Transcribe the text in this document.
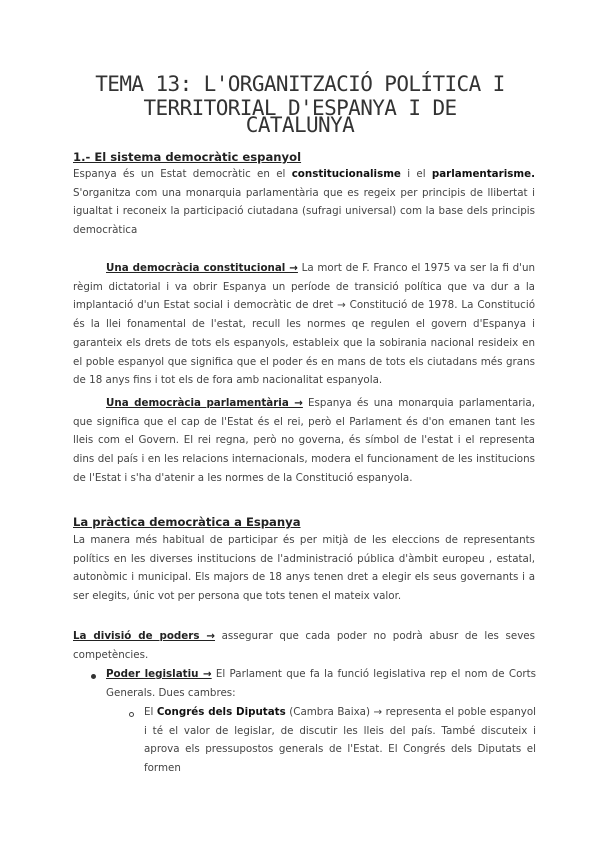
TEMA 13: L'ORGANITZACIÓ POLÍTICA I TERRITORIAL D'ESPANYA I DE
CATALUNYA
1.- El sistema democràtic espanyol
Espanya és un Estat democràtic en el constitucionalisme i el parlamentarisme. S'organitza com una monarquia parlamentària que es regeix per principis de llibertat i igualtat i reconeix la participació ciutadana (sufragi universal) com la base dels principis democràtica
Una democràcia constitucional → La mort de F. Franco el 1975 va ser la fi d'un règim dictatorial i va obrir Espanya un període de transició política que va dur a la implantació d'un Estat social i democràtic de dret → Constitució de 1978. La Constitució és la llei fonamental de l'estat, recull les normes qe regulen el govern d'Espanya i garanteix els drets de tots els espanyols, estableix que la sobirania nacional resideix en el poble espanyol que significa que el poder és en mans de tots els ciutadans més grans de 18 anys fins i tot els de fora amb nacionalitat espanyola.
Una democràcia parlamentària → Espanya és una monarquia parlamentaria, que significa que el cap de l'Estat és el rei, però el Parlament és d'on emanen tant les lleis com el Govern. El rei regna, però no governa, és símbol de l'estat i el representa dins del país i en les relacions internacionals, modera el funcionament de les institucions de l'Estat i s'ha d'atenir a les normes de la Constitució espanyola.
La pràctica democràtica a Espanya
La manera més habitual de participar és per mitjà de les eleccions de representants polítics en les diverses institucions de l'administració pública d'àmbit europeu , estatal, autonòmic i municipal. Els majors de 18 anys tenen dret a elegir els seus governants i a ser elegits, únic vot per persona que tots tenen el mateix valor.
La divisió de poders → assegurar que cada poder no podrà abusr de les seves competències.
Poder legislatiu → El Parlament que fa la funció legislativa rep el nom de Corts Generals. Dues cambres:
El Congrés dels Diputats (Cambra Baixa) → representa el poble espanyol i té el valor de legislar, de discutir les lleis del país. També discuteix i aprova els pressupostos generals de l'Estat. El Congrés dels Diputats el formen
